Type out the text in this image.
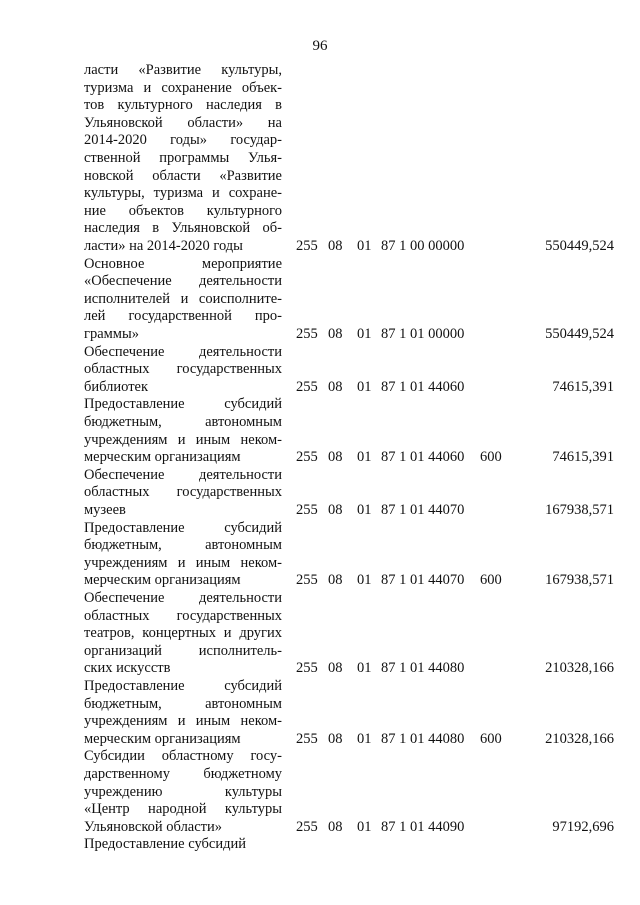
96
ласти «Развитие культуры,
туризма и сохранение объек-
тов культурного наследия в
Ульяновской области» на
2014-2020 годы» государ-
ственной программы Улья-
новской области «Развитие
культуры, туризма и сохране-
ние объектов культурного
наследия в Ульяновской об-
ласти» на 2014-2020 годы	255 08 01 87 1 00 00000	550449,524
Основное мероприятие
«Обеспечение деятельности
исполнителей и соисполните-
лей государственной про-
граммы»	255 08 01 87 1 01 00000	550449,524
Обеспечение деятельности
областных государственных
библиотек	255 08 01 87 1 01 44060	74615,391
Предоставление субсидий
бюджетным, автономным
учреждениям и иным неком-
мерческим организациям	255 08 01 87 1 01 44060 600	74615,391
Обеспечение деятельности
областных государственных
музеев	255 08 01 87 1 01 44070	167938,571
Предоставление субсидий
бюджетным, автономным
учреждениям и иным неком-
мерческим организациям	255 08 01 87 1 01 44070 600	167938,571
Обеспечение деятельности
областных государственных
театров, концертных и других
организаций исполнитель-
ских искусств	255 08 01 87 1 01 44080	210328,166
Предоставление субсидий
бюджетным, автономным
учреждениям и иным неком-
мерческим организациям	255 08 01 87 1 01 44080 600	210328,166
Субсидии областному госу-
дарственному бюджетному
учреждению культуры
«Центр народной культуры
Ульяновской области»	255 08 01 87 1 01 44090	97192,696
Предоставление субсидий
